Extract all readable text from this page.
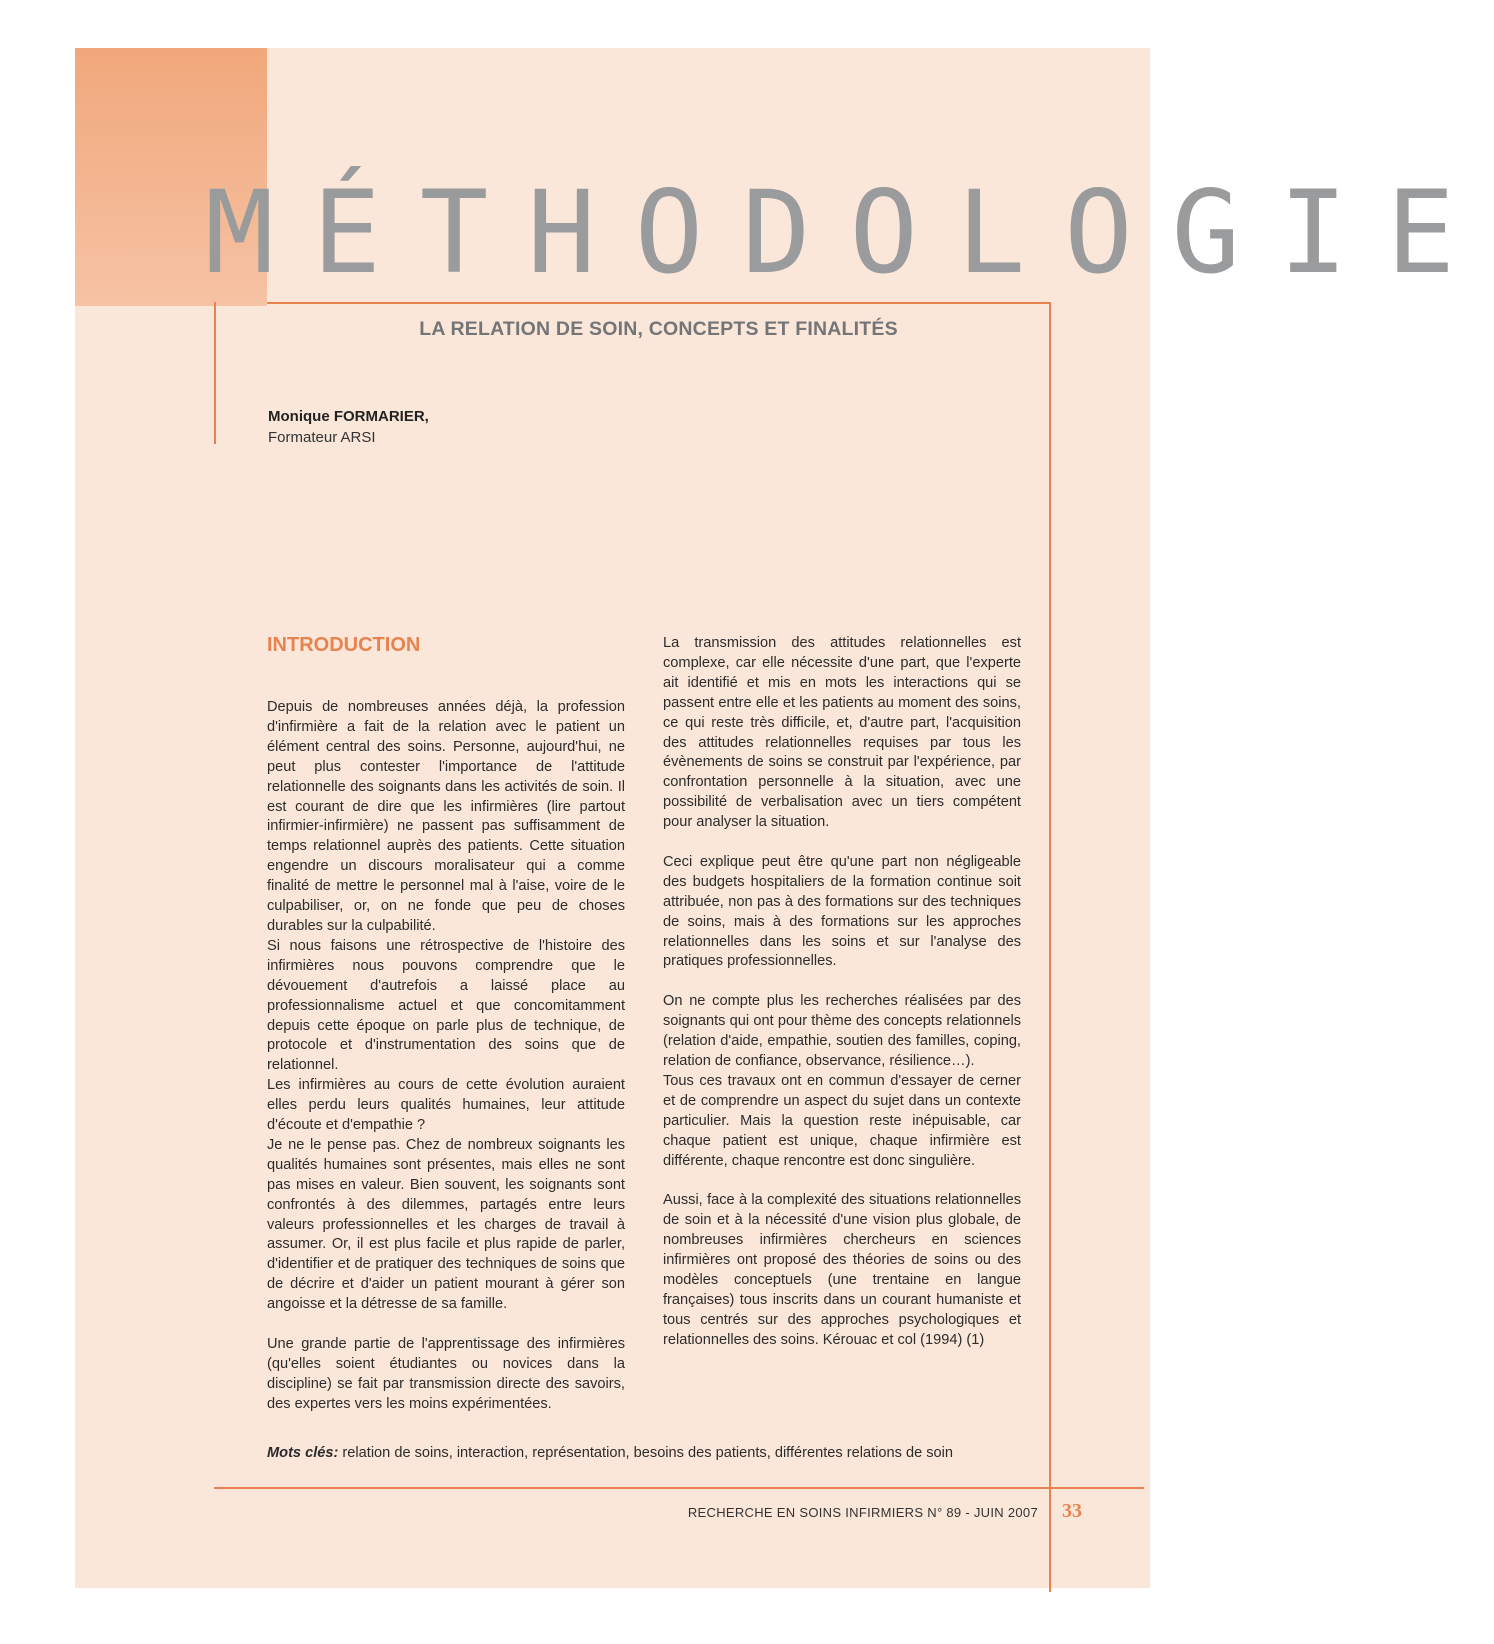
MÉTHODOLOGIE
LA RELATION DE SOIN, CONCEPTS ET FINALITÉS
Monique FORMARIER,
Formateur ARSI
INTRODUCTION

Depuis de nombreuses années déjà, la profession d'infirmière a fait de la relation avec le patient un élément central des soins. Personne, aujourd'hui, ne peut plus contester l'importance de l'attitude relationnelle des soignants dans les activités de soin. Il est courant de dire que les infirmières (lire partout infirmier-infirmière) ne passent pas suffisamment de temps relationnel auprès des patients. Cette situation engendre un discours moralisateur qui a comme finalité de mettre le personnel mal à l'aise, voire de le culpabiliser, or, on ne fonde que peu de choses durables sur la culpabilité.

Si nous faisons une rétrospective de l'histoire des infirmières nous pouvons comprendre que le dévouement d'autrefois a laissé place au professionnalisme actuel et que concomitamment depuis cette époque on parle plus de technique, de protocole et d'instrumentation des soins que de relationnel.

Les infirmières au cours de cette évolution auraient elles perdu leurs qualités humaines, leur attitude d'écoute et d'empathie ?

Je ne le pense pas. Chez de nombreux soignants les qualités humaines sont présentes, mais elles ne sont pas mises en valeur. Bien souvent, les soignants sont confrontés à des dilemmes, partagés entre leurs valeurs professionnelles et les charges de travail à assumer. Or, il est plus facile et plus rapide de parler, d'identifier et de pratiquer des techniques de soins que de décrire et d'aider un patient mourant à gérer son angoisse et la détresse de sa famille.

Une grande partie de l'apprentissage des infirmières (qu'elles soient étudiantes ou novices dans la discipline) se fait par transmission directe des savoirs, des expertes vers les moins expérimentées.

La transmission des attitudes relationnelles est complexe, car elle nécessite d'une part, que l'experte ait identifié et mis en mots les interactions qui se passent entre elle et les patients au moment des soins, ce qui reste très difficile, et, d'autre part, l'acquisition des attitudes relationnelles requises par tous les évènements de soins se construit par l'expérience, par confrontation personnelle à la situation, avec une possibilité de verbalisation avec un tiers compétent pour analyser la situation.

Ceci explique peut être qu'une part non négligeable des budgets hospitaliers de la formation continue soit attribuée, non pas à des formations sur des techniques de soins, mais à des formations sur les approches relationnelles dans les soins et sur l'analyse des pratiques professionnelles.

On ne compte plus les recherches réalisées par des soignants qui ont pour thème des concepts relationnels (relation d'aide, empathie, soutien des familles, coping, relation de confiance, observance, résilience…).

Tous ces travaux ont en commun d'essayer de cerner et de comprendre un aspect du sujet dans un contexte particulier. Mais la question reste inépuisable, car chaque patient est unique, chaque infirmière est différente, chaque rencontre est donc singulière.

Aussi, face à la complexité des situations relationnelles de soin et à la nécessité d'une vision plus globale, de nombreuses infirmières chercheurs en sciences infirmières ont proposé des théories de soins ou des modèles conceptuels (une trentaine en langue françaises) tous inscrits dans un courant humaniste et tous centrés sur des approches psychologiques et relationnelles des soins. Kérouac et col (1994) (1)

Mots clés: relation de soins, interaction, représentation, besoins des patients, différentes relations de soin
RECHERCHE EN SOINS INFIRMIERS N° 89 - JUIN 2007 33
